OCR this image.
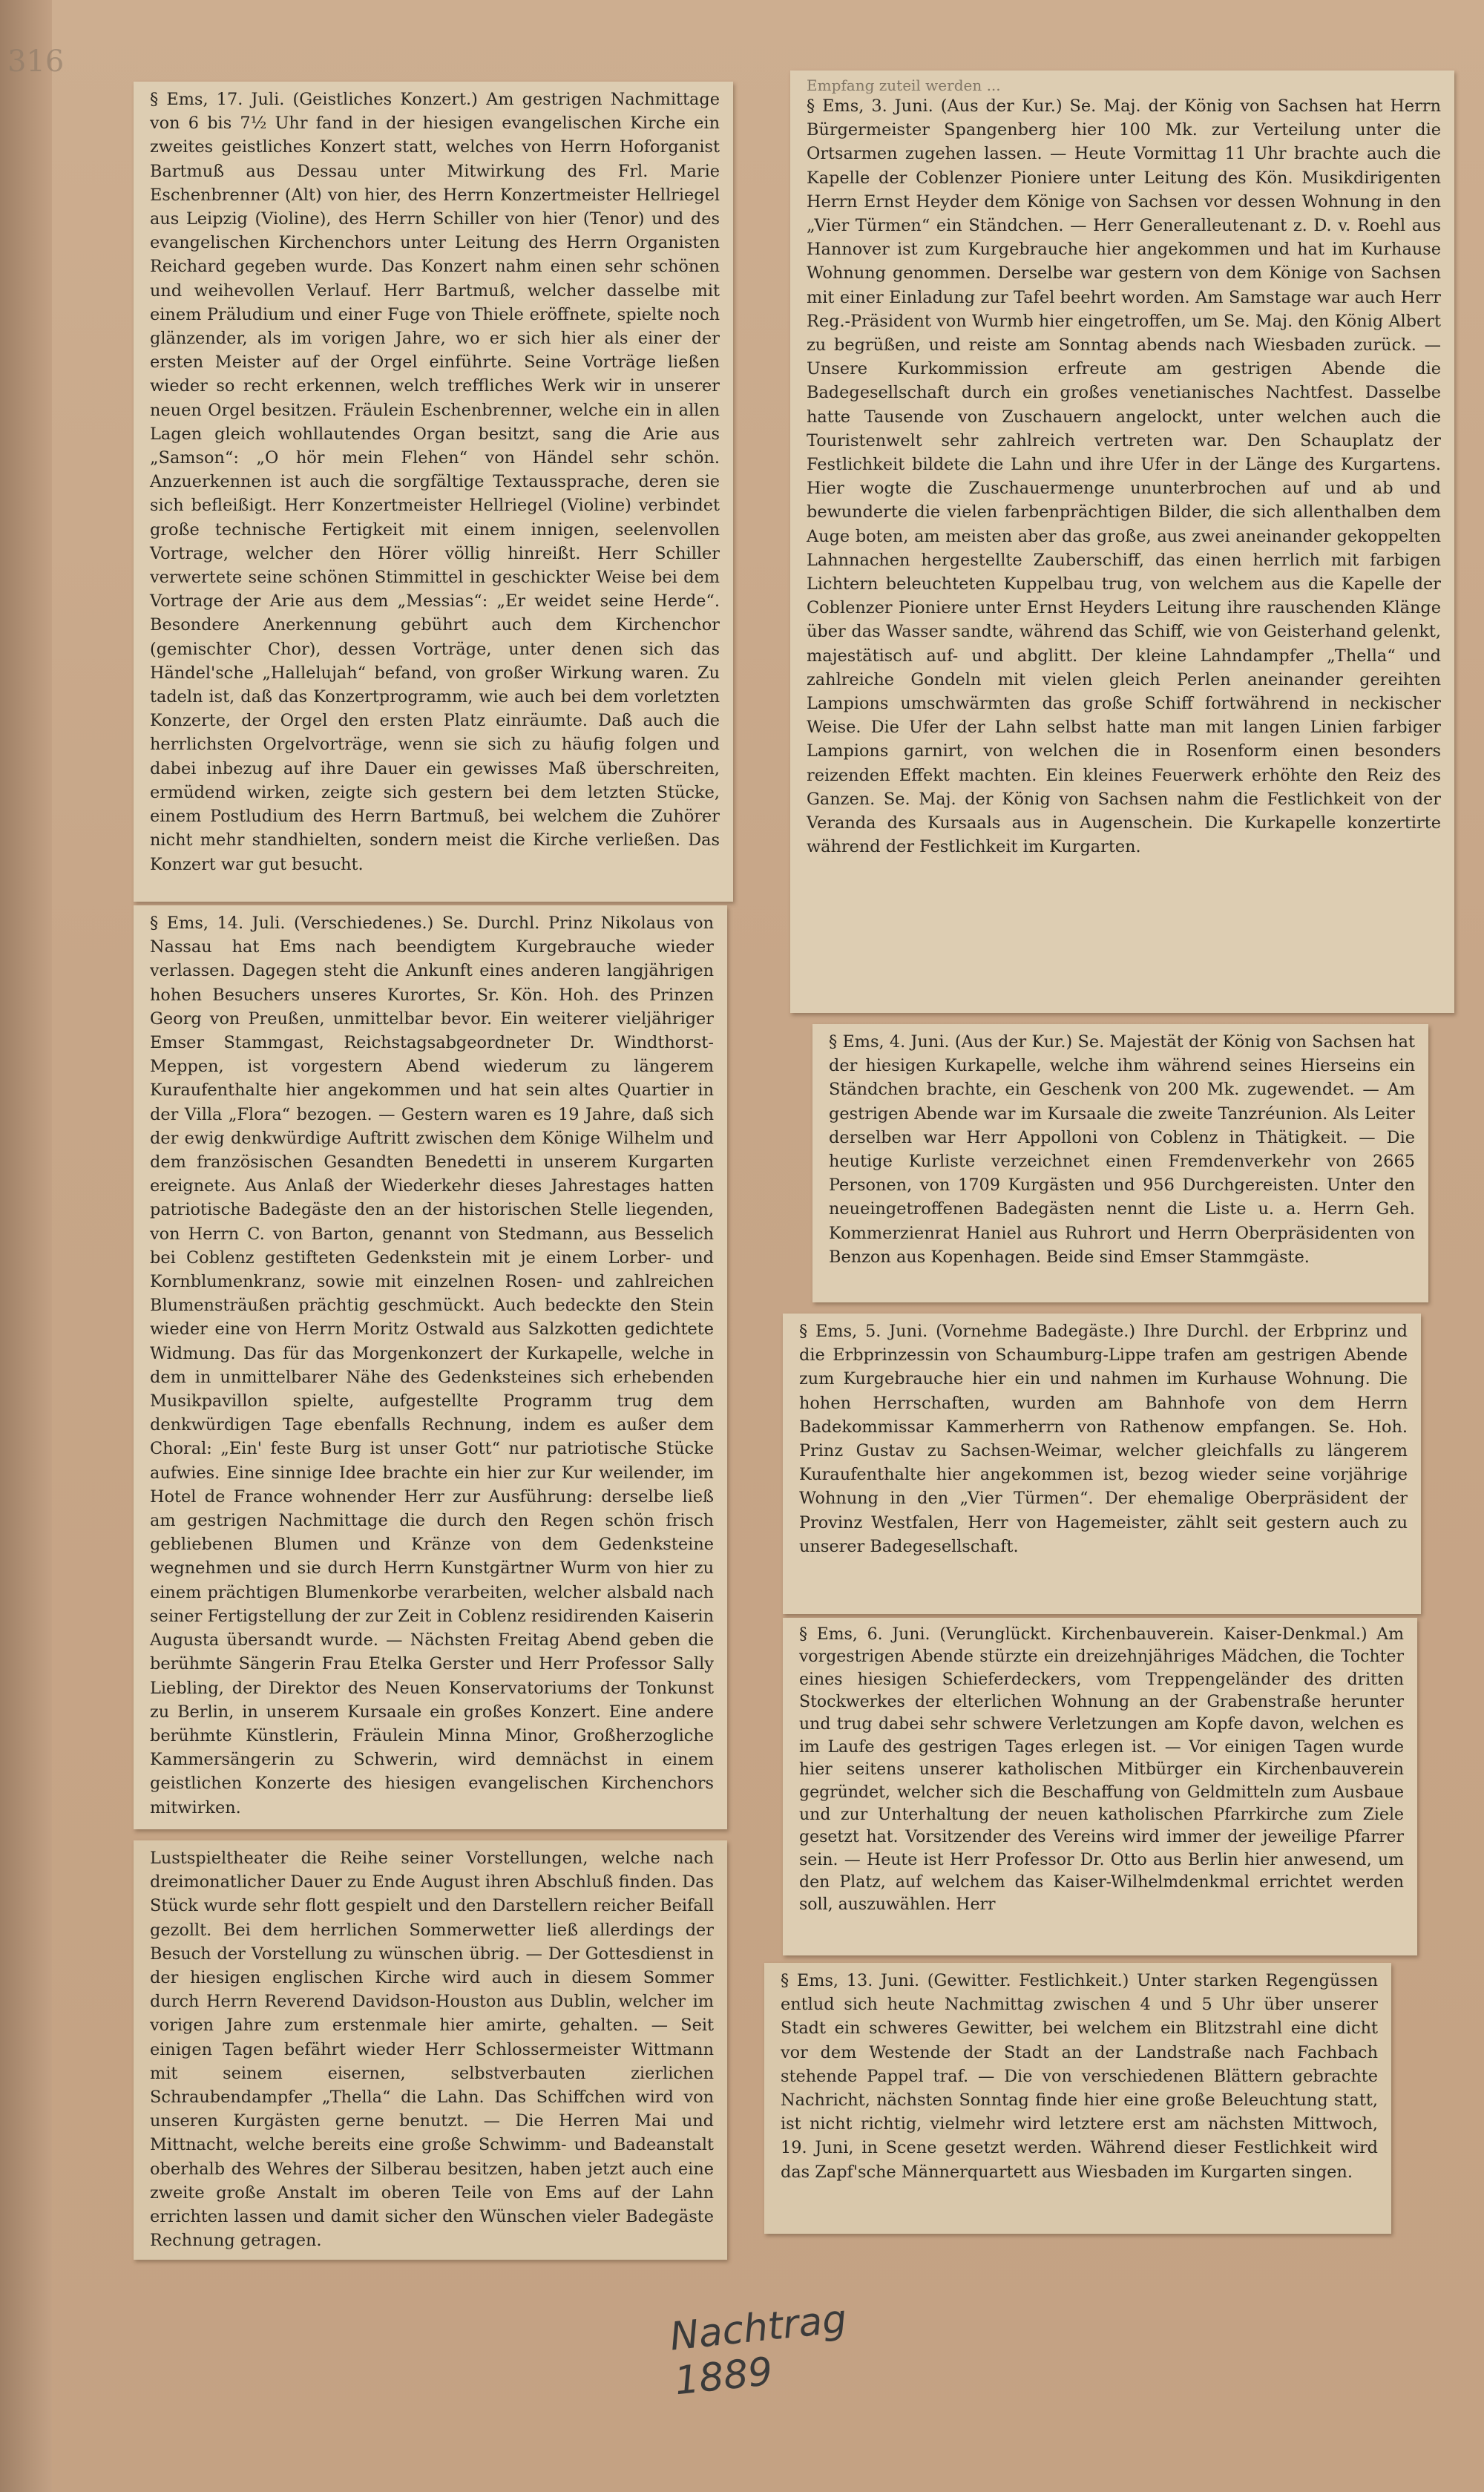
316

§ Ems, 17. Juli. (Geistliches Konzert.) Am gestrigen Nachmittage von 6 bis 7½ Uhr fand in der hiesigen evangelischen Kirche ein zweites geistliches Konzert statt, welches von Herrn Hoforganist Bartmuß aus Dessau unter Mitwirkung des Frl. Marie Eschenbrenner (Alt) von hier, des Herrn Konzertmeister Hellriegel aus Leipzig (Violine), des Herrn Schiller von hier (Tenor) und des evangelischen Kirchenchors unter Leitung des Herrn Organisten Reichard gegeben wurde. Das Konzert nahm einen sehr schönen und weihevollen Verlauf. Herr Bartmuß, welcher dasselbe mit einem Präludium und einer Fuge von Thiele eröffnete, spielte noch glänzender, als im vorigen Jahre, wo er sich hier als einer der ersten Meister auf der Orgel einführte. Seine Vorträge ließen wieder so recht erkennen, welch treffliches Werk wir in unserer neuen Orgel besitzen. Fräulein Eschenbrenner, welche ein in allen Lagen gleich wohllautendes Organ besitzt, sang die Arie aus „Samson“: „O hör mein Flehen“ von Händel sehr schön. Anzuerkennen ist auch die sorgfältige Textaussprache, deren sie sich befleißigt. Herr Konzertmeister Hellriegel (Violine) verbindet große technische Fertigkeit mit einem innigen, seelenvollen Vortrage, welcher den Hörer völlig hinreißt. Herr Schiller verwertete seine schönen Stimmittel in geschickter Weise bei dem Vortrage der Arie aus dem „Messias“: „Er weidet seine Herde“. Besondere Anerkennung gebührt auch dem Kirchenchor (gemischter Chor), dessen Vorträge, unter denen sich das Händel'sche „Hallelujah“ befand, von großer Wirkung waren. Zu tadeln ist, daß das Konzertprogramm, wie auch bei dem vorletzten Konzerte, der Orgel den ersten Platz einräumte. Daß auch die herrlichsten Orgelvorträge, wenn sie sich zu häufig folgen und dabei inbezug auf ihre Dauer ein gewisses Maß überschreiten, ermüdend wirken, zeigte sich gestern bei dem letzten Stücke, einem Postludium des Herrn Bartmuß, bei welchem die Zuhörer nicht mehr standhielten, sondern meist die Kirche verließen. Das Konzert war gut besucht.

§ Ems, 14. Juli. (Verschiedenes.) Se. Durchl. Prinz Nikolaus von Nassau hat Ems nach beendigtem Kurgebrauche wieder verlassen. Dagegen steht die Ankunft eines anderen langjährigen hohen Besuchers unseres Kurortes, Sr. Kön. Hoh. des Prinzen Georg von Preußen, unmittelbar bevor. Ein weiterer vieljähriger Emser Stammgast, Reichstagsabgeordneter Dr. Windthorst-Meppen, ist vorgestern Abend wiederum zu längerem Kuraufenthalte hier angekommen und hat sein altes Quartier in der Villa „Flora“ bezogen. — Gestern waren es 19 Jahre, daß sich der ewig denkwürdige Auftritt zwischen dem Könige Wilhelm und dem französischen Gesandten Benedetti in unserem Kurgarten ereignete. Aus Anlaß der Wiederkehr dieses Jahrestages hatten patriotische Badegäste den an der historischen Stelle liegenden, von Herrn C. von Barton, genannt von Stedmann, aus Besselich bei Coblenz gestifteten Gedenkstein mit je einem Lorber- und Kornblumenkranz, sowie mit einzelnen Rosen- und zahlreichen Blumensträußen prächtig geschmückt. Auch bedeckte den Stein wieder eine von Herrn Moritz Ostwald aus Salzkotten gedichtete Widmung. Das für das Morgenkonzert der Kurkapelle, welche in dem in unmittelbarer Nähe des Gedenksteines sich erhebenden Musikpavillon spielte, aufgestellte Programm trug dem denkwürdigen Tage ebenfalls Rechnung, indem es außer dem Choral: „Ein' feste Burg ist unser Gott“ nur patriotische Stücke aufwies. Eine sinnige Idee brachte ein hier zur Kur weilender, im Hotel de France wohnender Herr zur Ausführung: derselbe ließ am gestrigen Nachmittage die durch den Regen schön frisch gebliebenen Blumen und Kränze von dem Gedenksteine wegnehmen und sie durch Herrn Kunstgärtner Wurm von hier zu einem prächtigen Blumenkorbe verarbeiten, welcher alsbald nach seiner Fertigstellung der zur Zeit in Coblenz residirenden Kaiserin Augusta übersandt wurde. — Nächsten Freitag Abend geben die berühmte Sängerin Frau Etelka Gerster und Herr Professor Sally Liebling, der Direktor des Neuen Konservatoriums der Tonkunst zu Berlin, in unserem Kursaale ein großes Konzert. Eine andere berühmte Künstlerin, Fräulein Minna Minor, Großherzogliche Kammersängerin zu Schwerin, wird demnächst in einem geistlichen Konzerte des hiesigen evangelischen Kirchenchors mitwirken.

Lustspieltheater die Reihe seiner Vorstellungen, welche nach dreimonatlicher Dauer zu Ende August ihren Abschluß finden. Das Stück wurde sehr flott gespielt und den Darstellern reicher Beifall gezollt. Bei dem herrlichen Sommerwetter ließ allerdings der Besuch der Vorstellung zu wünschen übrig. — Der Gottesdienst in der hiesigen englischen Kirche wird auch in diesem Sommer durch Herrn Reverend Davidson-Houston aus Dublin, welcher im vorigen Jahre zum erstenmale hier amirte, gehalten. — Seit einigen Tagen befährt wieder Herr Schlossermeister Wittmann mit seinem eisernen, selbstverbauten zierlichen Schraubendampfer „Thella“ die Lahn. Das Schiffchen wird von unseren Kurgästen gerne benutzt. — Die Herren Mai und Mittnacht, welche bereits eine große Schwimm- und Badeanstalt oberhalb des Wehres der Silberau besitzen, haben jetzt auch eine zweite große Anstalt im oberen Teile von Ems auf der Lahn errichten lassen und damit sicher den Wünschen vieler Badegäste Rechnung getragen.

Empfang zuteil werden ...

§ Ems, 3. Juni. (Aus der Kur.) Se. Maj. der König von Sachsen hat Herrn Bürgermeister Spangenberg hier 100 Mk. zur Verteilung unter die Ortsarmen zugehen lassen. — Heute Vormittag 11 Uhr brachte auch die Kapelle der Coblenzer Pioniere unter Leitung des Kön. Musikdirigenten Herrn Ernst Heyder dem Könige von Sachsen vor dessen Wohnung in den „Vier Türmen“ ein Ständchen. — Herr Generalleutenant z. D. v. Roehl aus Hannover ist zum Kurgebrauche hier angekommen und hat im Kurhause Wohnung genommen. Derselbe war gestern von dem Könige von Sachsen mit einer Einladung zur Tafel beehrt worden. Am Samstage war auch Herr Reg.-Präsident von Wurmb hier eingetroffen, um Se. Maj. den König Albert zu begrüßen, und reiste am Sonntag abends nach Wiesbaden zurück. — Unsere Kurkommission erfreute am gestrigen Abende die Badegesellschaft durch ein großes venetianisches Nachtfest. Dasselbe hatte Tausende von Zuschauern angelockt, unter welchen auch die Touristenwelt sehr zahlreich vertreten war. Den Schauplatz der Festlichkeit bildete die Lahn und ihre Ufer in der Länge des Kurgartens. Hier wogte die Zuschauermenge ununterbrochen auf und ab und bewunderte die vielen farbenprächtigen Bilder, die sich allenthalben dem Auge boten, am meisten aber das große, aus zwei aneinander gekoppelten Lahnnachen hergestellte Zauberschiff, das einen herrlich mit farbigen Lichtern beleuchteten Kuppelbau trug, von welchem aus die Kapelle der Coblenzer Pioniere unter Ernst Heyders Leitung ihre rauschenden Klänge über das Wasser sandte, während das Schiff, wie von Geisterhand gelenkt, majestätisch auf- und abglitt. Der kleine Lahndampfer „Thella“ und zahlreiche Gondeln mit vielen gleich Perlen aneinander gereihten Lampions umschwärmten das große Schiff fortwährend in neckischer Weise. Die Ufer der Lahn selbst hatte man mit langen Linien farbiger Lampions garnirt, von welchen die in Rosenform einen besonders reizenden Effekt machten. Ein kleines Feuerwerk erhöhte den Reiz des Ganzen. Se. Maj. der König von Sachsen nahm die Festlichkeit von der Veranda des Kursaals aus in Augenschein. Die Kurkapelle konzertirte während der Festlichkeit im Kurgarten.

§ Ems, 4. Juni. (Aus der Kur.) Se. Majestät der König von Sachsen hat der hiesigen Kurkapelle, welche ihm während seines Hierseins ein Ständchen brachte, ein Geschenk von 200 Mk. zugewendet. — Am gestrigen Abende war im Kursaale die zweite Tanzréunion. Als Leiter derselben war Herr Appolloni von Coblenz in Thätigkeit. — Die heutige Kurliste verzeichnet einen Fremdenverkehr von 2665 Personen, von 1709 Kurgästen und 956 Durchgereisten. Unter den neueingetroffenen Badegästen nennt die Liste u. a. Herrn Geh. Kommerzienrat Haniel aus Ruhrort und Herrn Oberpräsidenten von Benzon aus Kopenhagen. Beide sind Emser Stammgäste.

§ Ems, 5. Juni. (Vornehme Badegäste.) Ihre Durchl. der Erbprinz und die Erbprinzessin von Schaumburg-Lippe trafen am gestrigen Abende zum Kurgebrauche hier ein und nahmen im Kurhause Wohnung. Die hohen Herrschaften, wurden am Bahnhofe von dem Herrn Badekommissar Kammerherrn von Rathenow empfangen. Se. Hoh. Prinz Gustav zu Sachsen-Weimar, welcher gleichfalls zu längerem Kuraufenthalte hier angekommen ist, bezog wieder seine vorjährige Wohnung in den „Vier Türmen“. Der ehemalige Oberpräsident der Provinz Westfalen, Herr von Hagemeister, zählt seit gestern auch zu unserer Badegesellschaft.

§ Ems, 6. Juni. (Verunglückt. Kirchenbauverein. Kaiser-Denkmal.) Am vorgestrigen Abende stürzte ein dreizehnjähriges Mädchen, die Tochter eines hiesigen Schieferdeckers, vom Treppengeländer des dritten Stockwerkes der elterlichen Wohnung an der Grabenstraße herunter und trug dabei sehr schwere Verletzungen am Kopfe davon, welchen es im Laufe des gestrigen Tages erlegen ist. — Vor einigen Tagen wurde hier seitens unserer katholischen Mitbürger ein Kirchenbauverein gegründet, welcher sich die Beschaffung von Geldmitteln zum Ausbaue und zur Unterhaltung der neuen katholischen Pfarrkirche zum Ziele gesetzt hat. Vorsitzender des Vereins wird immer der jeweilige Pfarrer sein. — Heute ist Herr Professor Dr. Otto aus Berlin hier anwesend, um den Platz, auf welchem das Kaiser-Wilhelmdenkmal errichtet werden soll, auszuwählen. Herr

§ Ems, 13. Juni. (Gewitter. Festlichkeit.) Unter starken Regengüssen entlud sich heute Nachmittag zwischen 4 und 5 Uhr über unserer Stadt ein schweres Gewitter, bei welchem ein Blitzstrahl eine dicht vor dem Westende der Stadt an der Landstraße nach Fachbach stehende Pappel traf. — Die von verschiedenen Blättern gebrachte Nachricht, nächsten Sonntag finde hier eine große Beleuchtung statt, ist nicht richtig, vielmehr wird letztere erst am nächsten Mittwoch, 19. Juni, in Scene gesetzt werden. Während dieser Festlichkeit wird das Zapf'sche Männerquartett aus Wiesbaden im Kurgarten singen.

Nachtrag 1889
